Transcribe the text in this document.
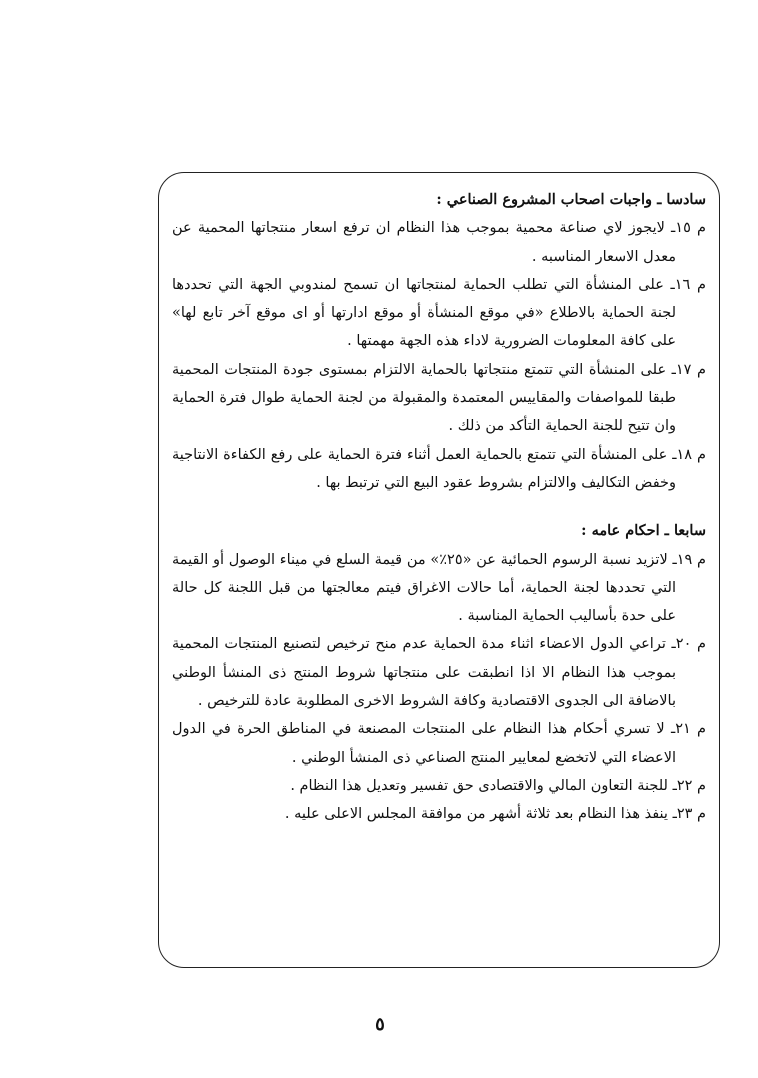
سادسا ـ واجبات اصحاب المشروع الصناعي :

م ١٥ـ لايجوز لاي صناعة محمية بموجب هذا النظام ان ترفع اسعار منتجاتها المحمية عن معدل الاسعار المناسبه .

م ١٦ـ على المنشأة التي تطلب الحماية لمنتجاتها ان تسمح لمندوبي الجهة التي تحددها لجنة الحماية بالاطلاع «في موقع المنشأة أو موقع ادارتها أو اى موقع آخر تابع لها» على كافة المعلومات الضرورية لاداء هذه الجهة مهمتها .

م ١٧ـ على المنشأة التي تتمتع منتجاتها بالحماية الالتزام بمستوى جودة المنتجات المحمية طبقا للمواصفات والمقاييس المعتمدة والمقبولة من لجنة الحماية طوال فترة الحماية وان تتيح للجنة الحماية التأكد من ذلك .

م ١٨ـ على المنشأة التي تتمتع بالحماية العمل أثناء فترة الحماية على رفع الكفاءة الانتاجية وخفض التكاليف والالتزام بشروط عقود البيع التي ترتبط بها .

سابعا ـ احكام عامه :

م ١٩ـ لاتزيد نسبة الرسوم الحمائية عن «٢٥٪» من قيمة السلع في ميناء الوصول أو القيمة التي تحددها لجنة الحماية، أما حالات الاغراق فيتم معالجتها من قبل اللجنة كل حالة على حدة بأساليب الحماية المناسبة .

م ٢٠ـ تراعي الدول الاعضاء اثناء مدة الحماية عدم منح ترخيص لتصنيع المنتجات المحمية بموجب هذا النظام الا اذا انطبقت على منتجاتها شروط المنتج ذى المنشأ الوطني بالاضافة الى الجدوى الاقتصادية وكافة الشروط الاخرى المطلوبة عادة للترخيص .

م ٢١ـ لا تسري أحكام هذا النظام على المنتجات المصنعة في المناطق الحرة في الدول الاعضاء التي لاتخضع لمعايير المنتج الصناعي ذى المنشأ الوطني .

م ٢٢ـ للجنة التعاون المالي والاقتصادى حق تفسير وتعديل هذا النظام .

م ٢٣ـ ينفذ هذا النظام بعد ثلاثة أشهر من موافقة المجلس الاعلى عليه .

٥
